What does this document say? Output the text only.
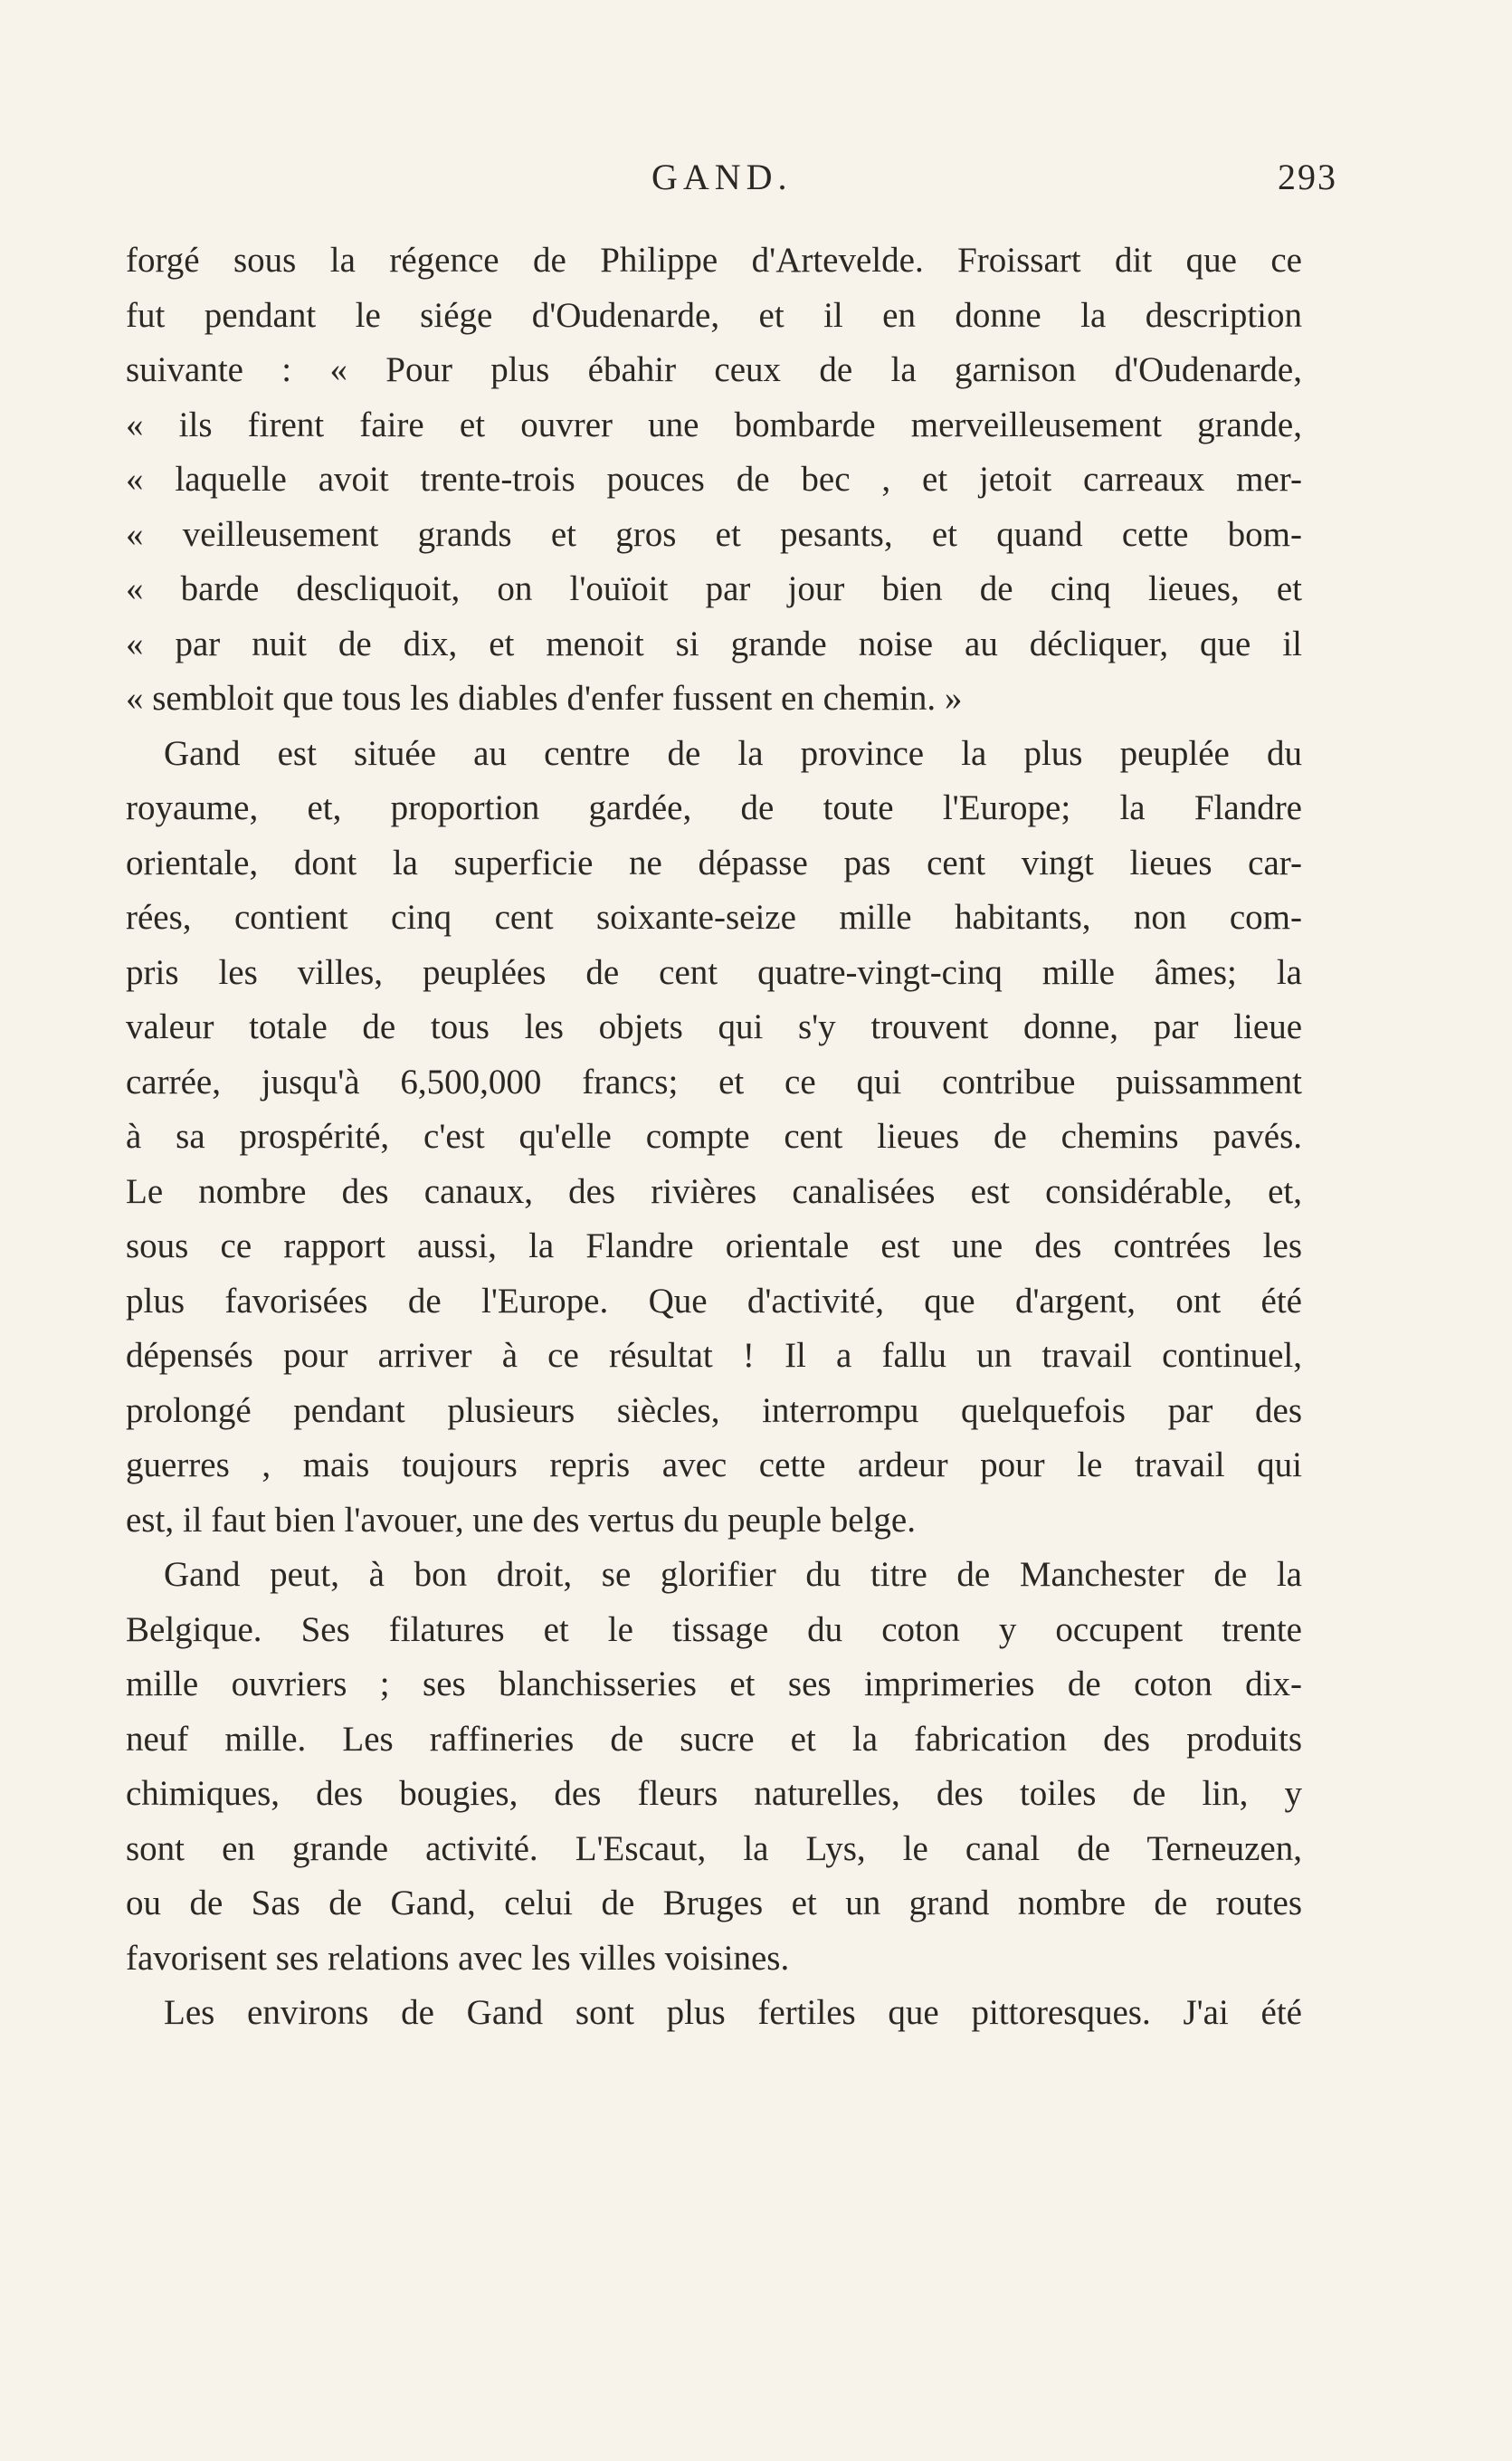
GAND.	293
forgé sous la régence de Philippe d'Artevelde. Froissart dit que ce
fut pendant le siége d'Oudenarde, et il en donne la description
suivante : « Pour plus ébahir ceux de la garnison d'Oudenarde,
« ils firent faire et ouvrer une bombarde merveilleusement grande,
« laquelle avoit trente-trois pouces de bec , et jetoit carreaux mer-
« veilleusement grands et gros et pesants, et quand cette bom-
« barde descliquoit, on l'ouïoit par jour bien de cinq lieues, et
« par nuit de dix, et menoit si grande noise au décliquer, que il
« sembloit que tous les diables d'enfer fussent en chemin. »
Gand est située au centre de la province la plus peuplée du
royaume, et, proportion gardée, de toute l'Europe; la Flandre
orientale, dont la superficie ne dépasse pas cent vingt lieues car-
rées, contient cinq cent soixante-seize mille habitants, non com-
pris les villes, peuplées de cent quatre-vingt-cinq mille âmes; la
valeur totale de tous les objets qui s'y trouvent donne, par lieue
carrée, jusqu'à 6,500,000 francs; et ce qui contribue puissamment
à sa prospérité, c'est qu'elle compte cent lieues de chemins pavés.
Le nombre des canaux, des rivières canalisées est considérable, et,
sous ce rapport aussi, la Flandre orientale est une des contrées les
plus favorisées de l'Europe. Que d'activité, que d'argent, ont été
dépensés pour arriver à ce résultat ! Il a fallu un travail continuel,
prolongé pendant plusieurs siècles, interrompu quelquefois par des
guerres , mais toujours repris avec cette ardeur pour le travail qui
est, il faut bien l'avouer, une des vertus du peuple belge.
Gand peut, à bon droit, se glorifier du titre de Manchester de la
Belgique. Ses filatures et le tissage du coton y occupent trente
mille ouvriers ; ses blanchisseries et ses imprimeries de coton dix-
neuf mille. Les raffineries de sucre et la fabrication des produits
chimiques, des bougies, des fleurs naturelles, des toiles de lin, y
sont en grande activité. L'Escaut, la Lys, le canal de Terneuzen,
ou de Sas de Gand, celui de Bruges et un grand nombre de routes
favorisent ses relations avec les villes voisines.
Les environs de Gand sont plus fertiles que pittoresques. J'ai été
